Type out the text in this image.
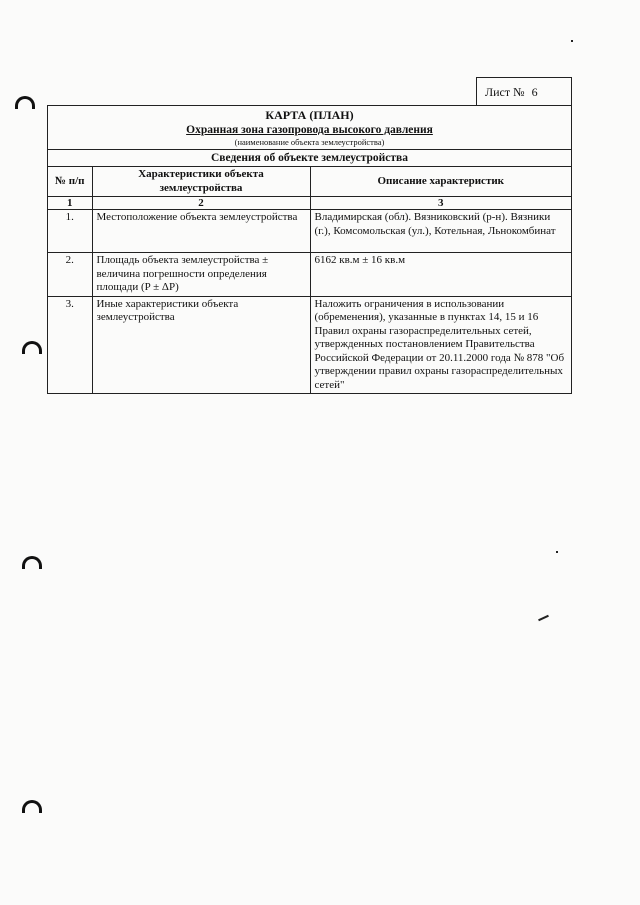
Лист № 6
КАРТА (ПЛАН)
Охранная зона газопровода высокого давления
(наименование объекта землеустройства)
Сведения об объекте землеустройства
№ п/п	Характеристики объекта землеустройства	Описание характеристик
1	2	3
1.	Местоположение объекта землеустройства	Владимирская (обл). Вязниковский (р-н). Вязники (г.), Комсомольская (ул.), Котельная, Льнокомбинат
2.	Площадь объекта землеустройства ± величина погрешности определения площади (P ± ΔP)	6162 кв.м ± 16 кв.м
3.	Иные характеристики объекта землеустройства	Наложить ограничения в использовании (обременения), указанные в пунктах 14, 15 и 16 Правил охраны газораспределительных сетей, утвержденных постановлением Правительства Российской Федерации от 20.11.2000 года № 878 "Об утверждении правил охраны газораспределительных сетей"
